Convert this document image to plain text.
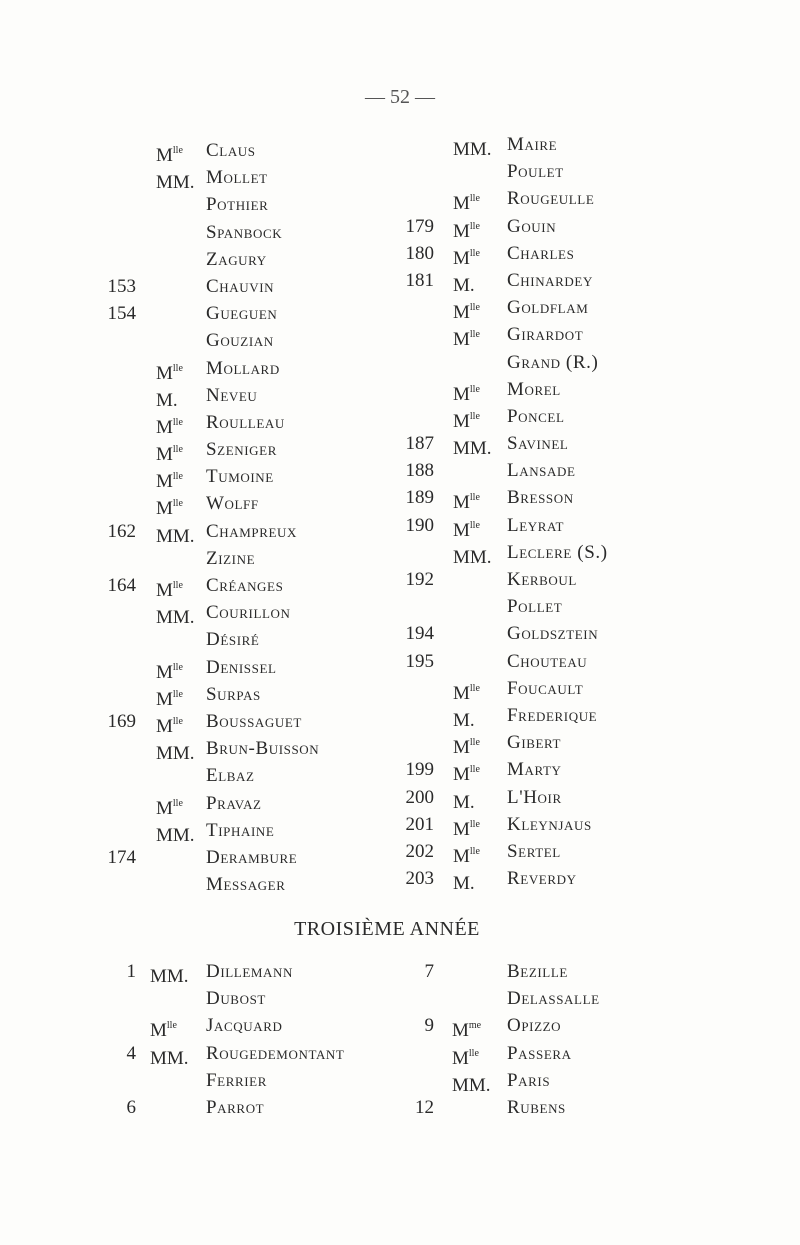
— 52 —
$M^{lle}$ Claus
MM. Mollet
Pothier
Spanbock
Zagury
153	Chauvin
154	Gueguen
Gouzian
$M^{lle}$ Mollard
M. Neveu
$M^{lle}$ Roulleau
$M^{lle}$ Szeniger
$M^{lle}$ Tumoine
$M^{lle}$ Wolff
162 MM. Champreux
Zizine
164 $M^{lle}$ Créanges
MM. Courillon
Désiré
$M^{lle}$ Denissel
$M^{lle}$ Surpas
169 $M^{lle}$ Boussaguet
MM. Brun-Buisson
Elbaz
$M^{lle}$ Pravaz
MM. Tiphaine
174	Derambure
Messager
MM. Maire
Poulet
$M^{lle}$ Rougeulle
179 $M^{lle}$ Gouin
180 $M^{lle}$ Charles
181 M. Chinardey
$M^{lle}$ Goldflam
$M^{lle}$ Girardot
Grand (R.)
$M^{lle}$ Morel
$M^{lle}$ Poncel
187 MM. Savinel
188	Lansade
189 $M^{lle}$ Bresson
190 $M^{lle}$ Leyrat
MM. Leclere (S.)
192	Kerboul
Pollet
194	Goldsztein
195	Chouteau
$M^{lle}$ Foucault
M. Frederique
$M^{lle}$ Gibert
199 $M^{lle}$ Marty
200 M. L'Hoir
201 $M^{lle}$ Kleynjaus
202 $M^{lle}$ Sertel
203 M. Reverdy
TROISIÈME ANNÉE
1 MM. Dillemann
Dubost
$M^{lle}$ Jacquard
4 MM. Rougedemontant
Ferrier
6	Parrot
7	Bezille
Delassalle
9 $M^{me}$ Opizzo
$M^{lle}$ Passera
MM. Paris
12	Rubens
